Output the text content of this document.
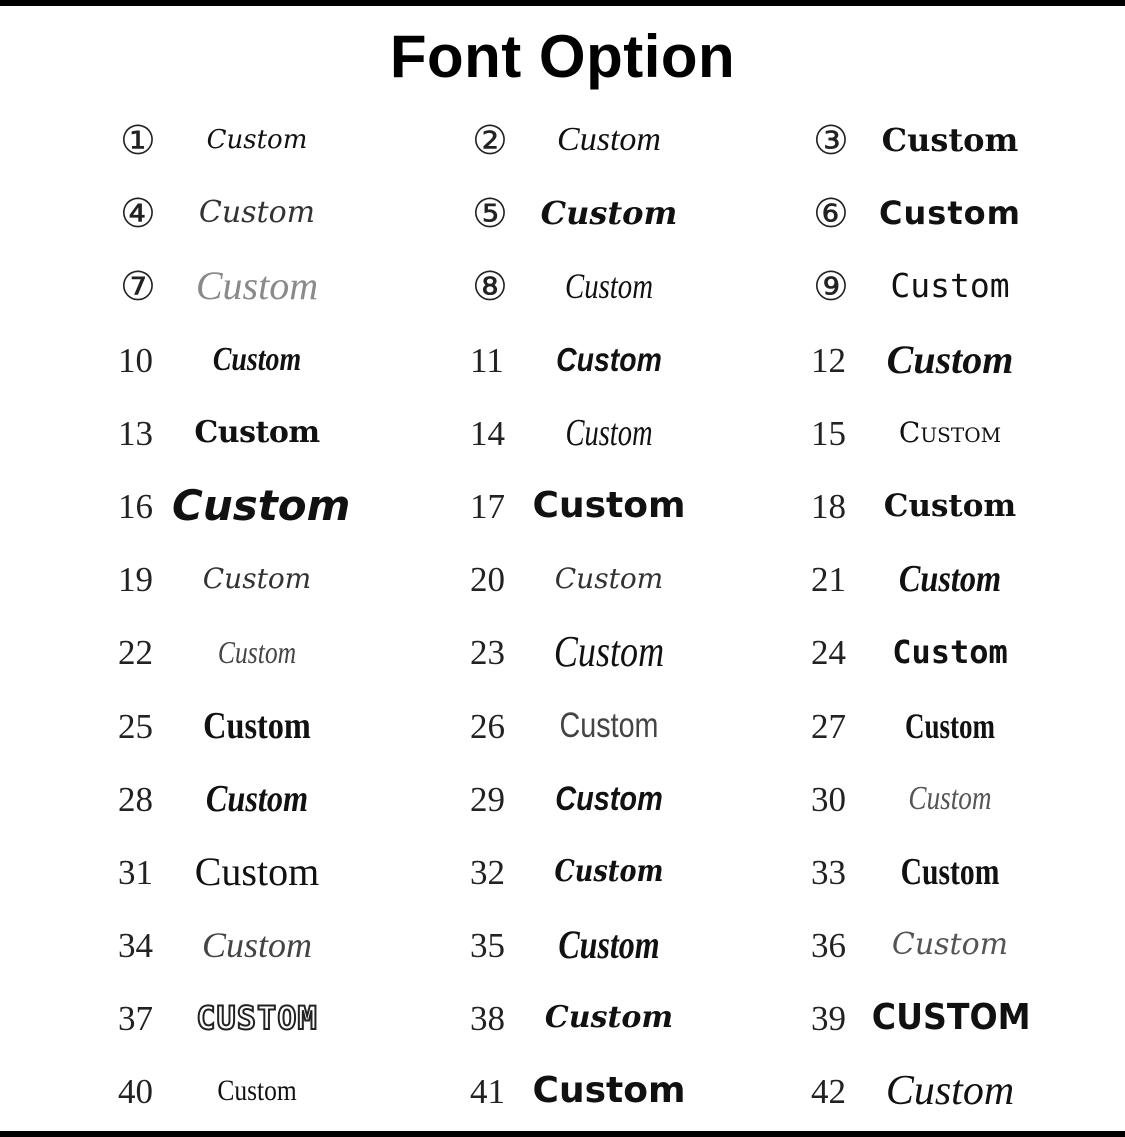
Font Option
①	Custom	②	Custom	③	Custom
④	Custom	⑤	Custom	⑥ Custom
⑦	Custom	⑧	Custom	⑨	Custom
10	Custom	11	Custom	12	Custom
13	Custom	14	Custom	15	Custom
16 Custom	17 Custom	18	Custom
19	Custom	20	Custom	21	Custom
22	Custom	23	Custom	24	Custom
25	Custom	26	Custom	27	Custom
28	Custom	29	Custom	30	Custom
31	Custom	32	Custom	33	Custom
34	Custom	35	Custom	36	Custom
37	CUSTOM	38	Custom	39 CUSTOM
40	Custom	41 Custom	42 Custom
